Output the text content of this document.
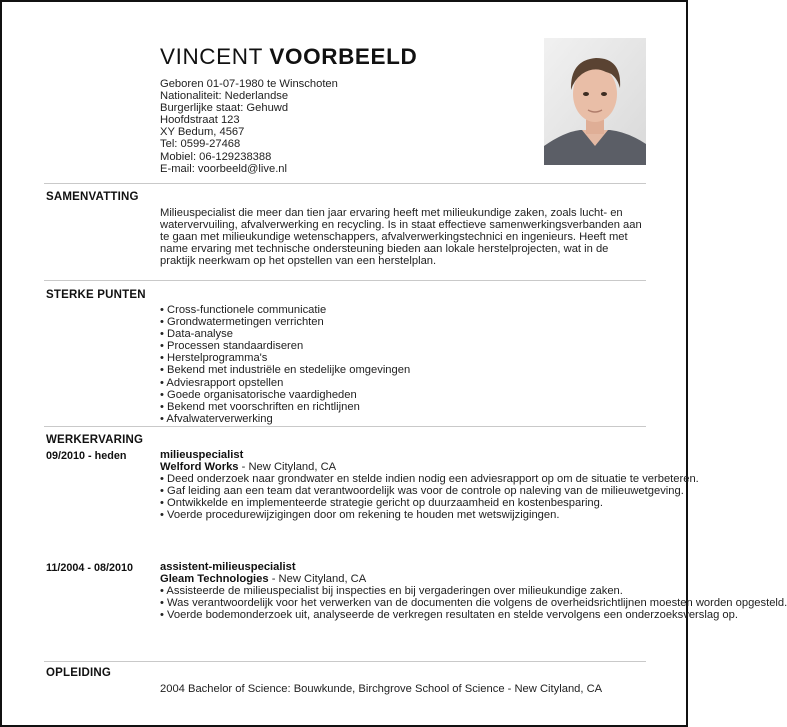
VINCENT VOORBEELD
Geboren 01-07-1980 te Winschoten
Nationaliteit: Nederlandse
Burgerlijke staat: Gehuwd
Hoofdstraat 123
XY Bedum, 4567
Tel: 0599-27468
Mobiel: 06-129238388
E-mail: voorbeeld@live.nl
SAMENVATTING
Milieuspecialist die meer dan tien jaar ervaring heeft met milieukundige zaken, zoals lucht- en watervervuiling, afvalverwerking en recycling. Is in staat effectieve samenwerkingsverbanden aan te gaan met milieukundige wetenschappers, afvalverwerkingstechnici en ingenieurs. Heeft met name ervaring met technische ondersteuning bieden aan lokale herstelprojecten, wat in de praktijk neerkwam op het opstellen van een herstelplan.
STERKE PUNTEN
• Cross-functionele communicatie
• Grondwatermetingen verrichten
• Data-analyse
• Processen standaardiseren
• Herstelprogramma's
• Bekend met industriële en stedelijke omgevingen
• Adviesrapport opstellen
• Goede organisatorische vaardigheden
• Bekend met voorschriften en richtlijnen
• Afvalwaterverwerking
WERKERVARING
09/2010 - heden	milieuspecialist
Welford Works - New Cityland, CA
• Deed onderzoek naar grondwater en stelde indien nodig een adviesrapport op om de situatie te verbeteren.
• Gaf leiding aan een team dat verantwoordelijk was voor de controle op naleving van de milieuwetgeving.
• Ontwikkelde en implementeerde strategie gericht op duurzaamheid en kostenbesparing.
• Voerde procedurewijzigingen door om rekening te houden met wetswijzigingen.
11/2004 - 08/2010 assistent-milieuspecialist
Gleam Technologies - New Cityland, CA
• Assisteerde de milieuspecialist bij inspecties en bij vergaderingen over milieukundige zaken.
• Was verantwoordelijk voor het verwerken van de documenten die volgens de overheidsrichtlijnen moesten worden opgesteld.
• Voerde bodemonderzoek uit, analyseerde de verkregen resultaten en stelde vervolgens een onderzoeksverslag op.
OPLEIDING
2004 Bachelor of Science: Bouwkunde, Birchgrove School of Science - New Cityland, CA
